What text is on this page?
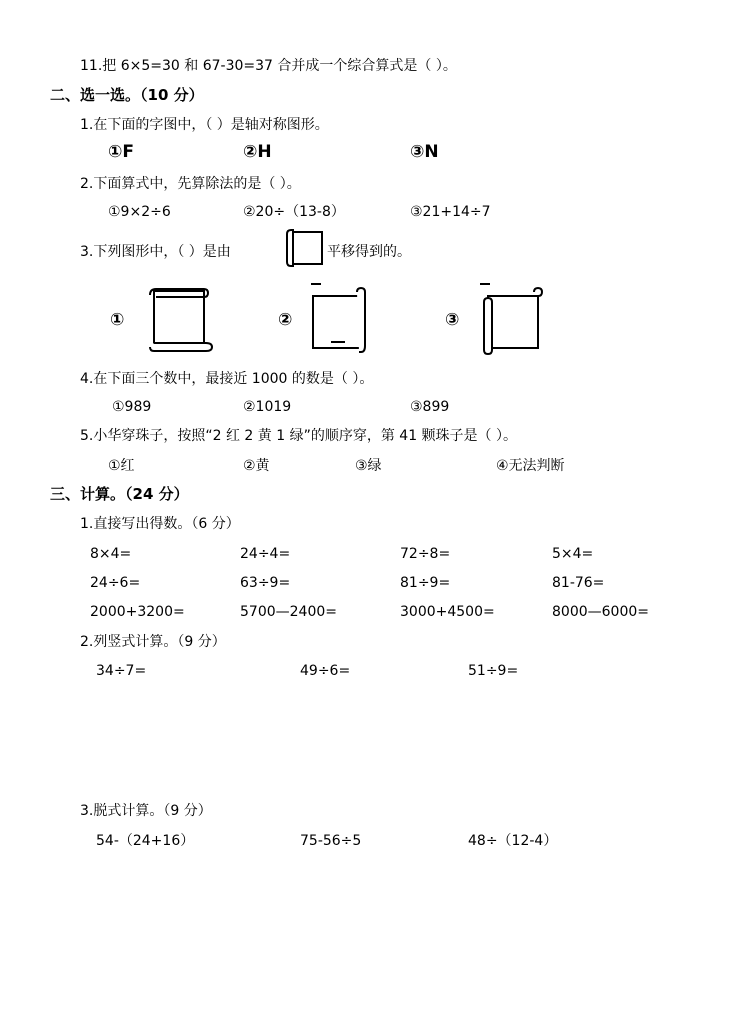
11.把 6×5=30 和 67-30=37 合并成一个综合算式是（ ）。
二、选一选。（10 分）
1.在下面的字图中，（ ）是轴对称图形。
①F	②H	③N
2.下面算式中，先算除法的是（ ）。
①9×2÷6	②20÷（13-8）	③21+14÷7
3.下列图形中，（ ）是由	平移得到的。
①	②	③
4.在下面三个数中，最接近 1000 的数是（ ）。
①989	②1019	③899
5.小华穿珠子，按照“2 红 2 黄 1 绿”的顺序穿，第 41 颗珠子是（ ）。
①红	②黄	③绿	④无法判断
三、计算。（24 分）
1.直接写出得数。（6 分）
8×4=	24÷4=	72÷8=	5×4=
24÷6=	63÷9=	81÷9=	81-76=
2000+3200=	5700—2400=	3000+4500=	8000—6000=
2.列竖式计算。（9 分）
34÷7=	49÷6=	51÷9=
3.脱式计算。（9 分）
54-（24+16）	75-56÷5	48÷（12-4）
